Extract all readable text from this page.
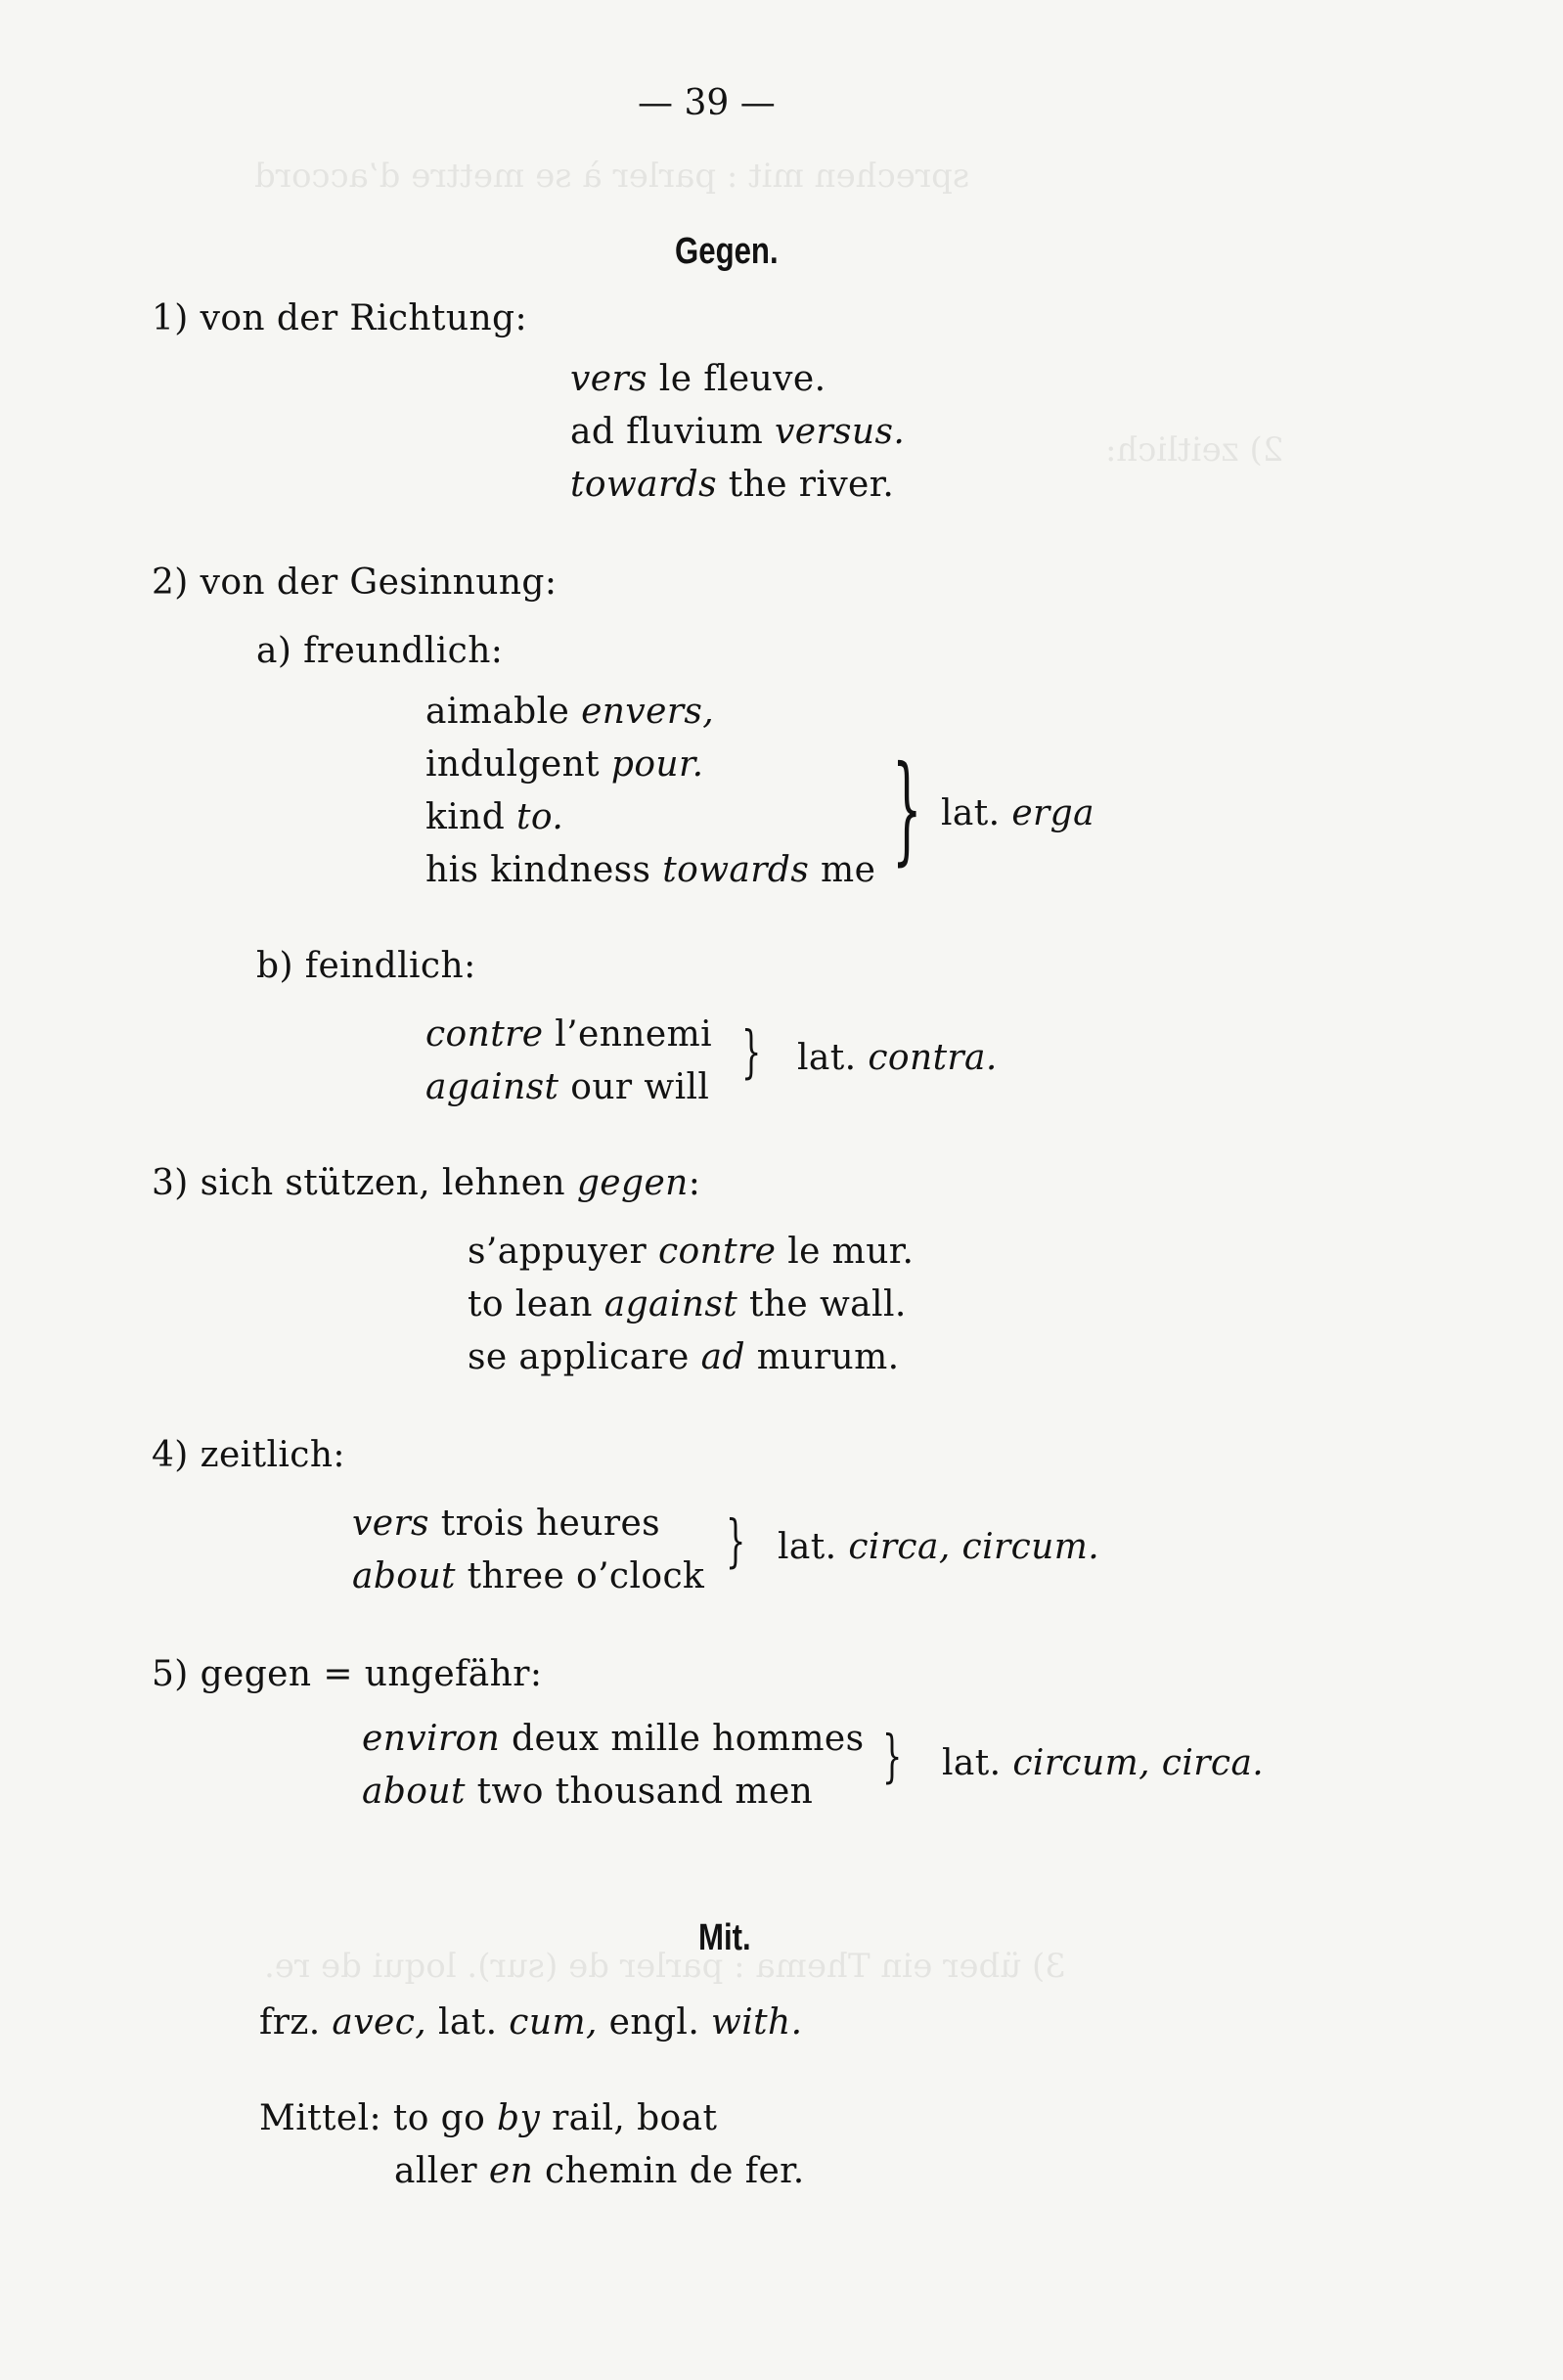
sprechen mit : parler à se mettre d’accord
2) zeitlich:
3) über ein Thema : parler de (sur). loqui de re.
— 39 —
Gegen.
1) von der Richtung:
vers le fleuve.
ad fluvium versus.
towards the river.
2) von der Gesinnung:
a) freundlich:
aimable envers,
indulgent pour.
kind to.
his kindness towards me } lat. erga
b) feindlich:
contre l’ennemi
against our will
} lat. contra.
3) sich stützen, lehnen gegen:
s’appuyer contre le mur.
to lean against the wall.
se applicare ad murum.
4) zeitlich:
vers trois heures
about three o’clock
} lat. circa, circum.
5) gegen = ungefähr:
environ deux mille hommes
about two thousand men
} lat. circum, circa.
Mit.
frz. avec, lat. cum, engl. with.
Mittel: to go by rail, boat
aller en chemin de fer.
